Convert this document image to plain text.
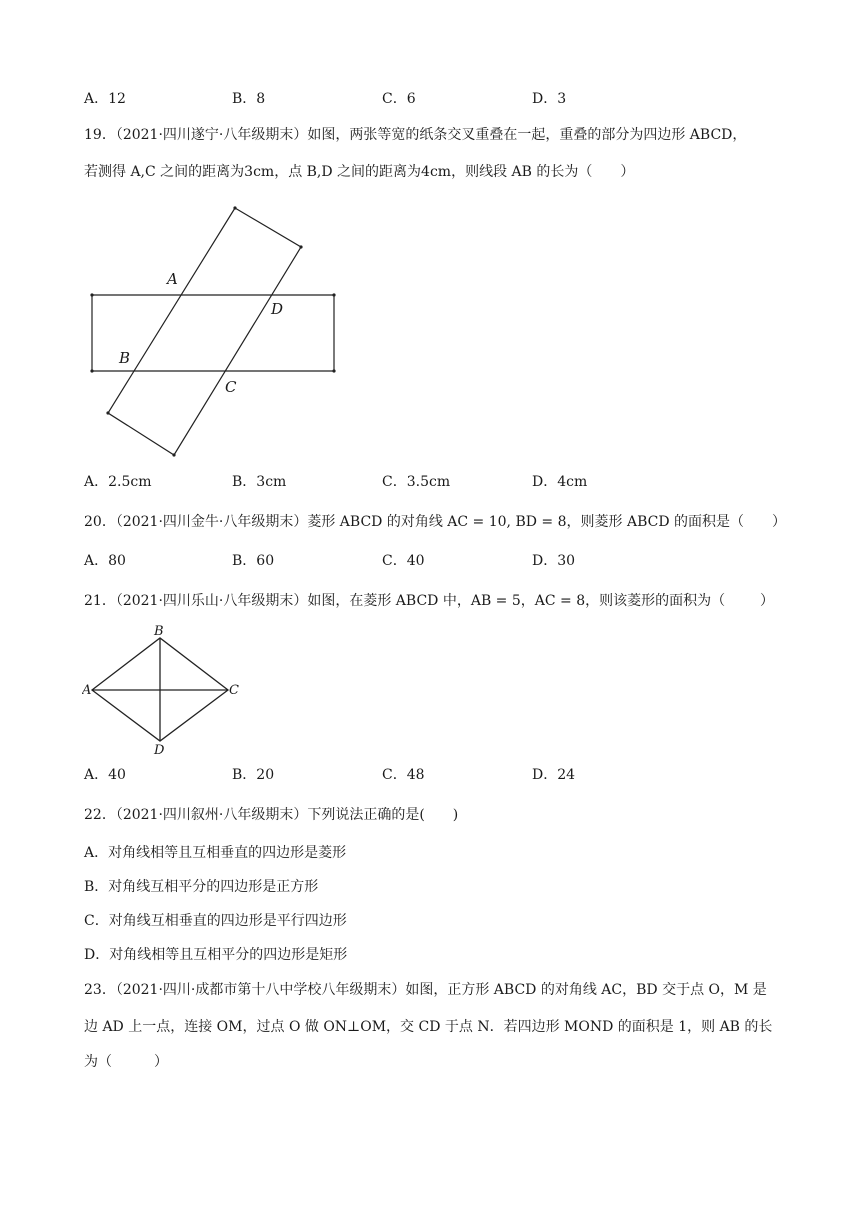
A．12	B．8	C．6	D．3
19．（2021·四川遂宁·八年级期末）如图，两张等宽的纸条交叉重叠在一起，重叠的部分为四边形 ABCD，
若测得 A,C 之间的距离为3cm，点 B,D 之间的距离为4cm，则线段 AB 的长为（　　）
A
B
C
D
A．2.5cm	B．3cm	C．3.5cm	D．4cm
20．（2021·四川金牛·八年级期末）菱形 ABCD 的对角线 AC = 10, BD = 8，则菱形 ABCD 的面积是（　　）
A．80	B．60	C．40	D．30
21．（2021·四川乐山·八年级期末）如图，在菱形 ABCD 中，AB = 5，AC = 8，则该菱形的面积为（ ）
A
B
C
D
A．40	B．20	C．48	D．24
22．（2021·四川叙州·八年级期末）下列说法正确的是(　　)
A．对角线相等且互相垂直的四边形是菱形
B．对角线互相平分的四边形是正方形
C．对角线互相垂直的四边形是平行四边形
D．对角线相等且互相平分的四边形是矩形
23．（2021·四川·成都市第十八中学校八年级期末）如图，正方形 ABCD 的对角线 AC，BD 交于点 O，M 是
边 AD 上一点，连接 OM，过点 O 做 ON⊥OM，交 CD 于点 N．若四边形 MOND 的面积是 1，则 AB 的长
为（　　　）
